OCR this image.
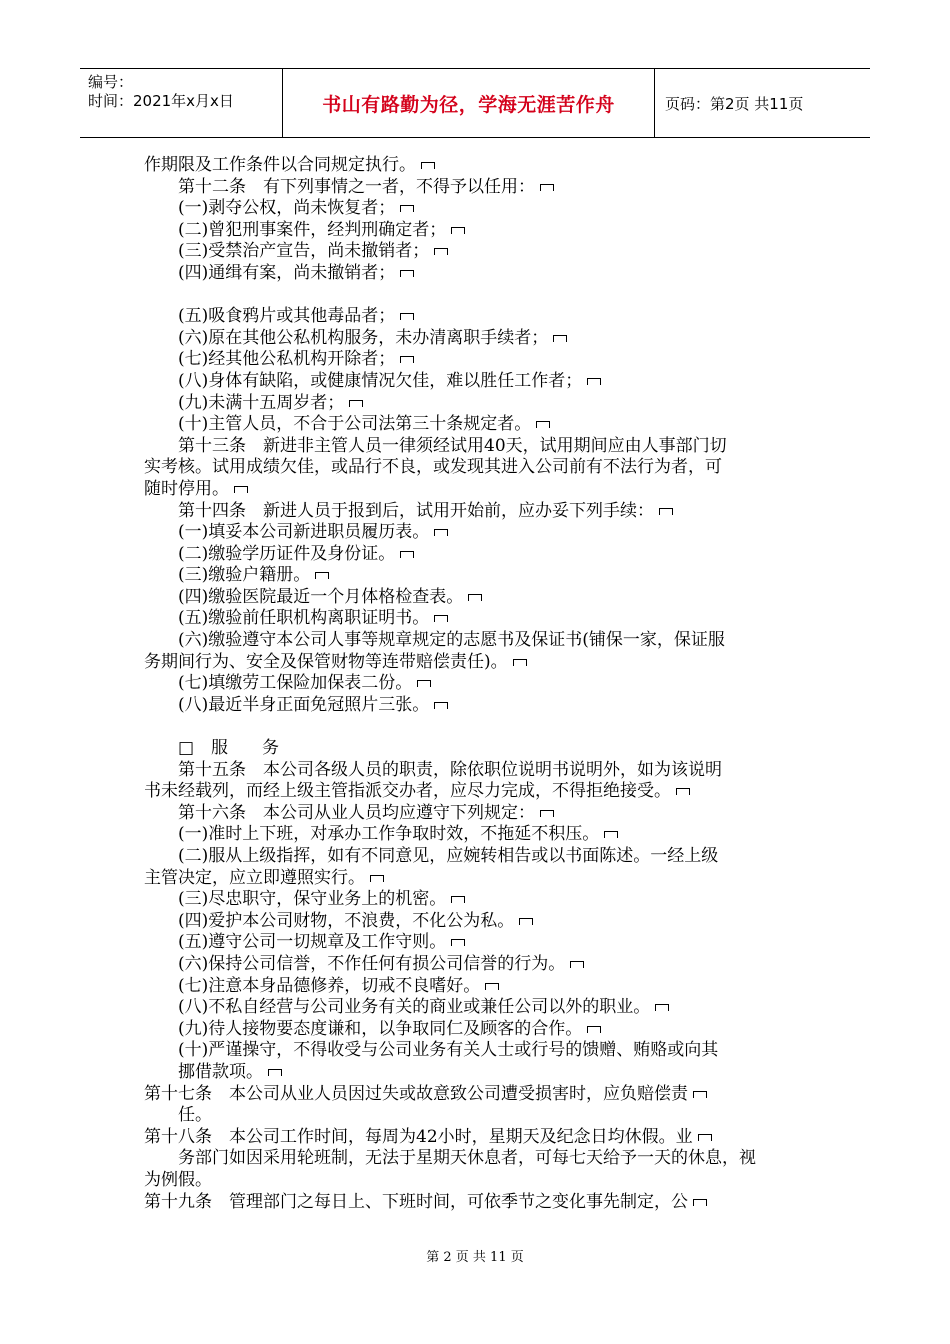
编号：
时间：2021年x月x日	书山有路勤为径，学海无涯苦作舟	页码：第2页 共11页
作期限及工作条件以合同规定执行。
第十二条　有下列事情之一者，不得予以任用：
(一)剥夺公权，尚未恢复者；
(二)曾犯刑事案件，经判刑确定者；
(三)受禁治产宣告，尚未撤销者；
(四)通缉有案，尚未撤销者；

(五)吸食鸦片或其他毒品者；
(六)原在其他公私机构服务，未办清离职手续者；
(七)经其他公私机构开除者；
(八)身体有缺陷，或健康情况欠佳，难以胜任工作者；
(九)未满十五周岁者；
(十)主管人员，不合于公司法第三十条规定者。
第十三条　新进非主管人员一律须经试用40天，试用期间应由人事部门切
实考核。试用成绩欠佳，或品行不良，或发现其进入公司前有不法行为者，可
随时停用。
第十四条　新进人员于报到后，试用开始前，应办妥下列手续：
(一)填妥本公司新进职员履历表。
(二)缴验学历证件及身份证。
(三)缴验户籍册。
(四)缴验医院最近一个月体格检查表。
(五)缴验前任职机构离职证明书。
(六)缴验遵守本公司人事等规章规定的志愿书及保证书(铺保一家，保证服
务期间行为、安全及保管财物等连带赔偿责任)。
(七)填缴劳工保险加保表二份。
(八)最近半身正面免冠照片三张。

□　服　　务
第十五条　本公司各级人员的职责，除依职位说明书说明外，如为该说明
书未经载列，而经上级主管指派交办者，应尽力完成，不得拒绝接受。
第十六条　本公司从业人员均应遵守下列规定：
(一)准时上下班，对承办工作争取时效，不拖延不积压。
(二)服从上级指挥，如有不同意见，应婉转相告或以书面陈述。一经上级
主管决定，应立即遵照实行。
(三)尽忠职守，保守业务上的机密。
(四)爱护本公司财物，不浪费，不化公为私。
(五)遵守公司一切规章及工作守则。
(六)保持公司信誉，不作任何有损公司信誉的行为。
(七)注意本身品德修养，切戒不良嗜好。
(八)不私自经营与公司业务有关的商业或兼任公司以外的职业。
(九)待人接物要态度谦和，以争取同仁及顾客的合作。
(十)严谨操守，不得收受与公司业务有关人士或行号的馈赠、贿赂或向其
挪借款项。
第十七条　本公司从业人员因过失或故意致公司遭受损害时，应负赔偿责
任。
第十八条　本公司工作时间，每周为42小时，星期天及纪念日均休假。业
务部门如因采用轮班制，无法于星期天休息者，可每七天给予一天的休息，视
为例假。
第十九条　管理部门之每日上、下班时间，可依季节之变化事先制定，公
第 2 页 共 11 页
